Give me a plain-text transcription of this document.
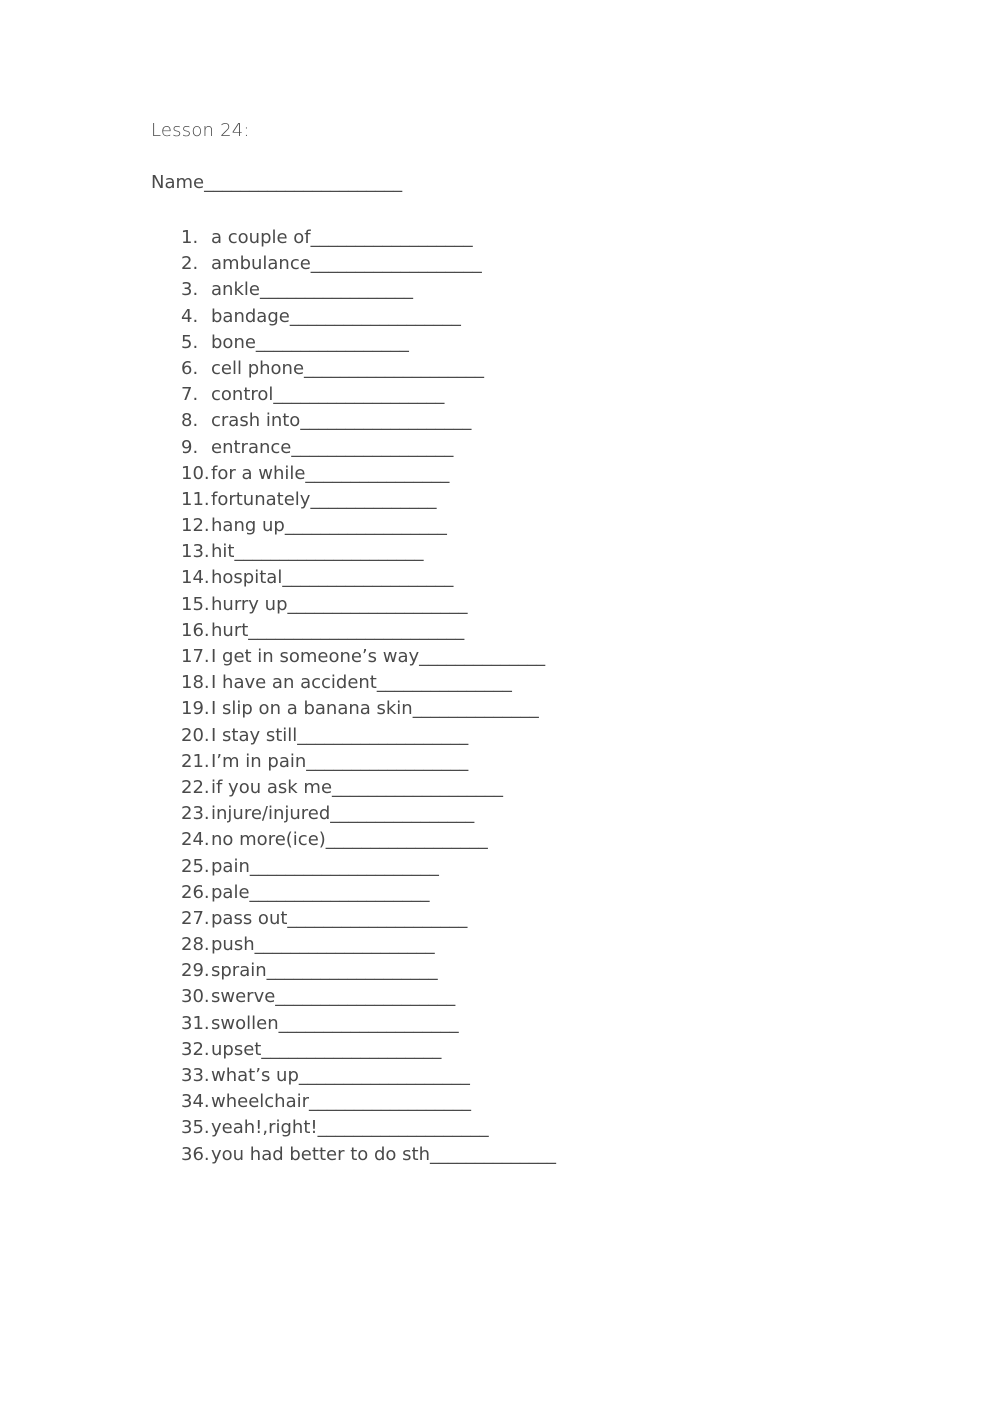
Lesson 24:
Name______________________
1. a couple of__________________
2. ambulance___________________
3. ankle_________________
4. bandage___________________
5. bone_________________
6. cell phone____________________
7. control___________________
8. crash into___________________
9. entrance__________________
10. for a while________________
11. fortunately______________
12. hang up__________________
13. hit_____________________
14. hospital___________________
15. hurry up____________________
16. hurt________________________
17. I get in someone’s way______________
18. I have an accident_______________
19. I slip on a banana skin______________
20. I stay still___________________
21. I’m in pain__________________
22. if you ask me___________________
23. injure/injured________________
24. no more(ice)__________________
25. pain_____________________
26. pale____________________
27. pass out____________________
28. push____________________
29. sprain___________________
30. swerve____________________
31. swollen____________________
32. upset____________________
33. what’s up___________________
34. wheelchair__________________
35. yeah!,right!___________________
36. you had better to do sth______________
